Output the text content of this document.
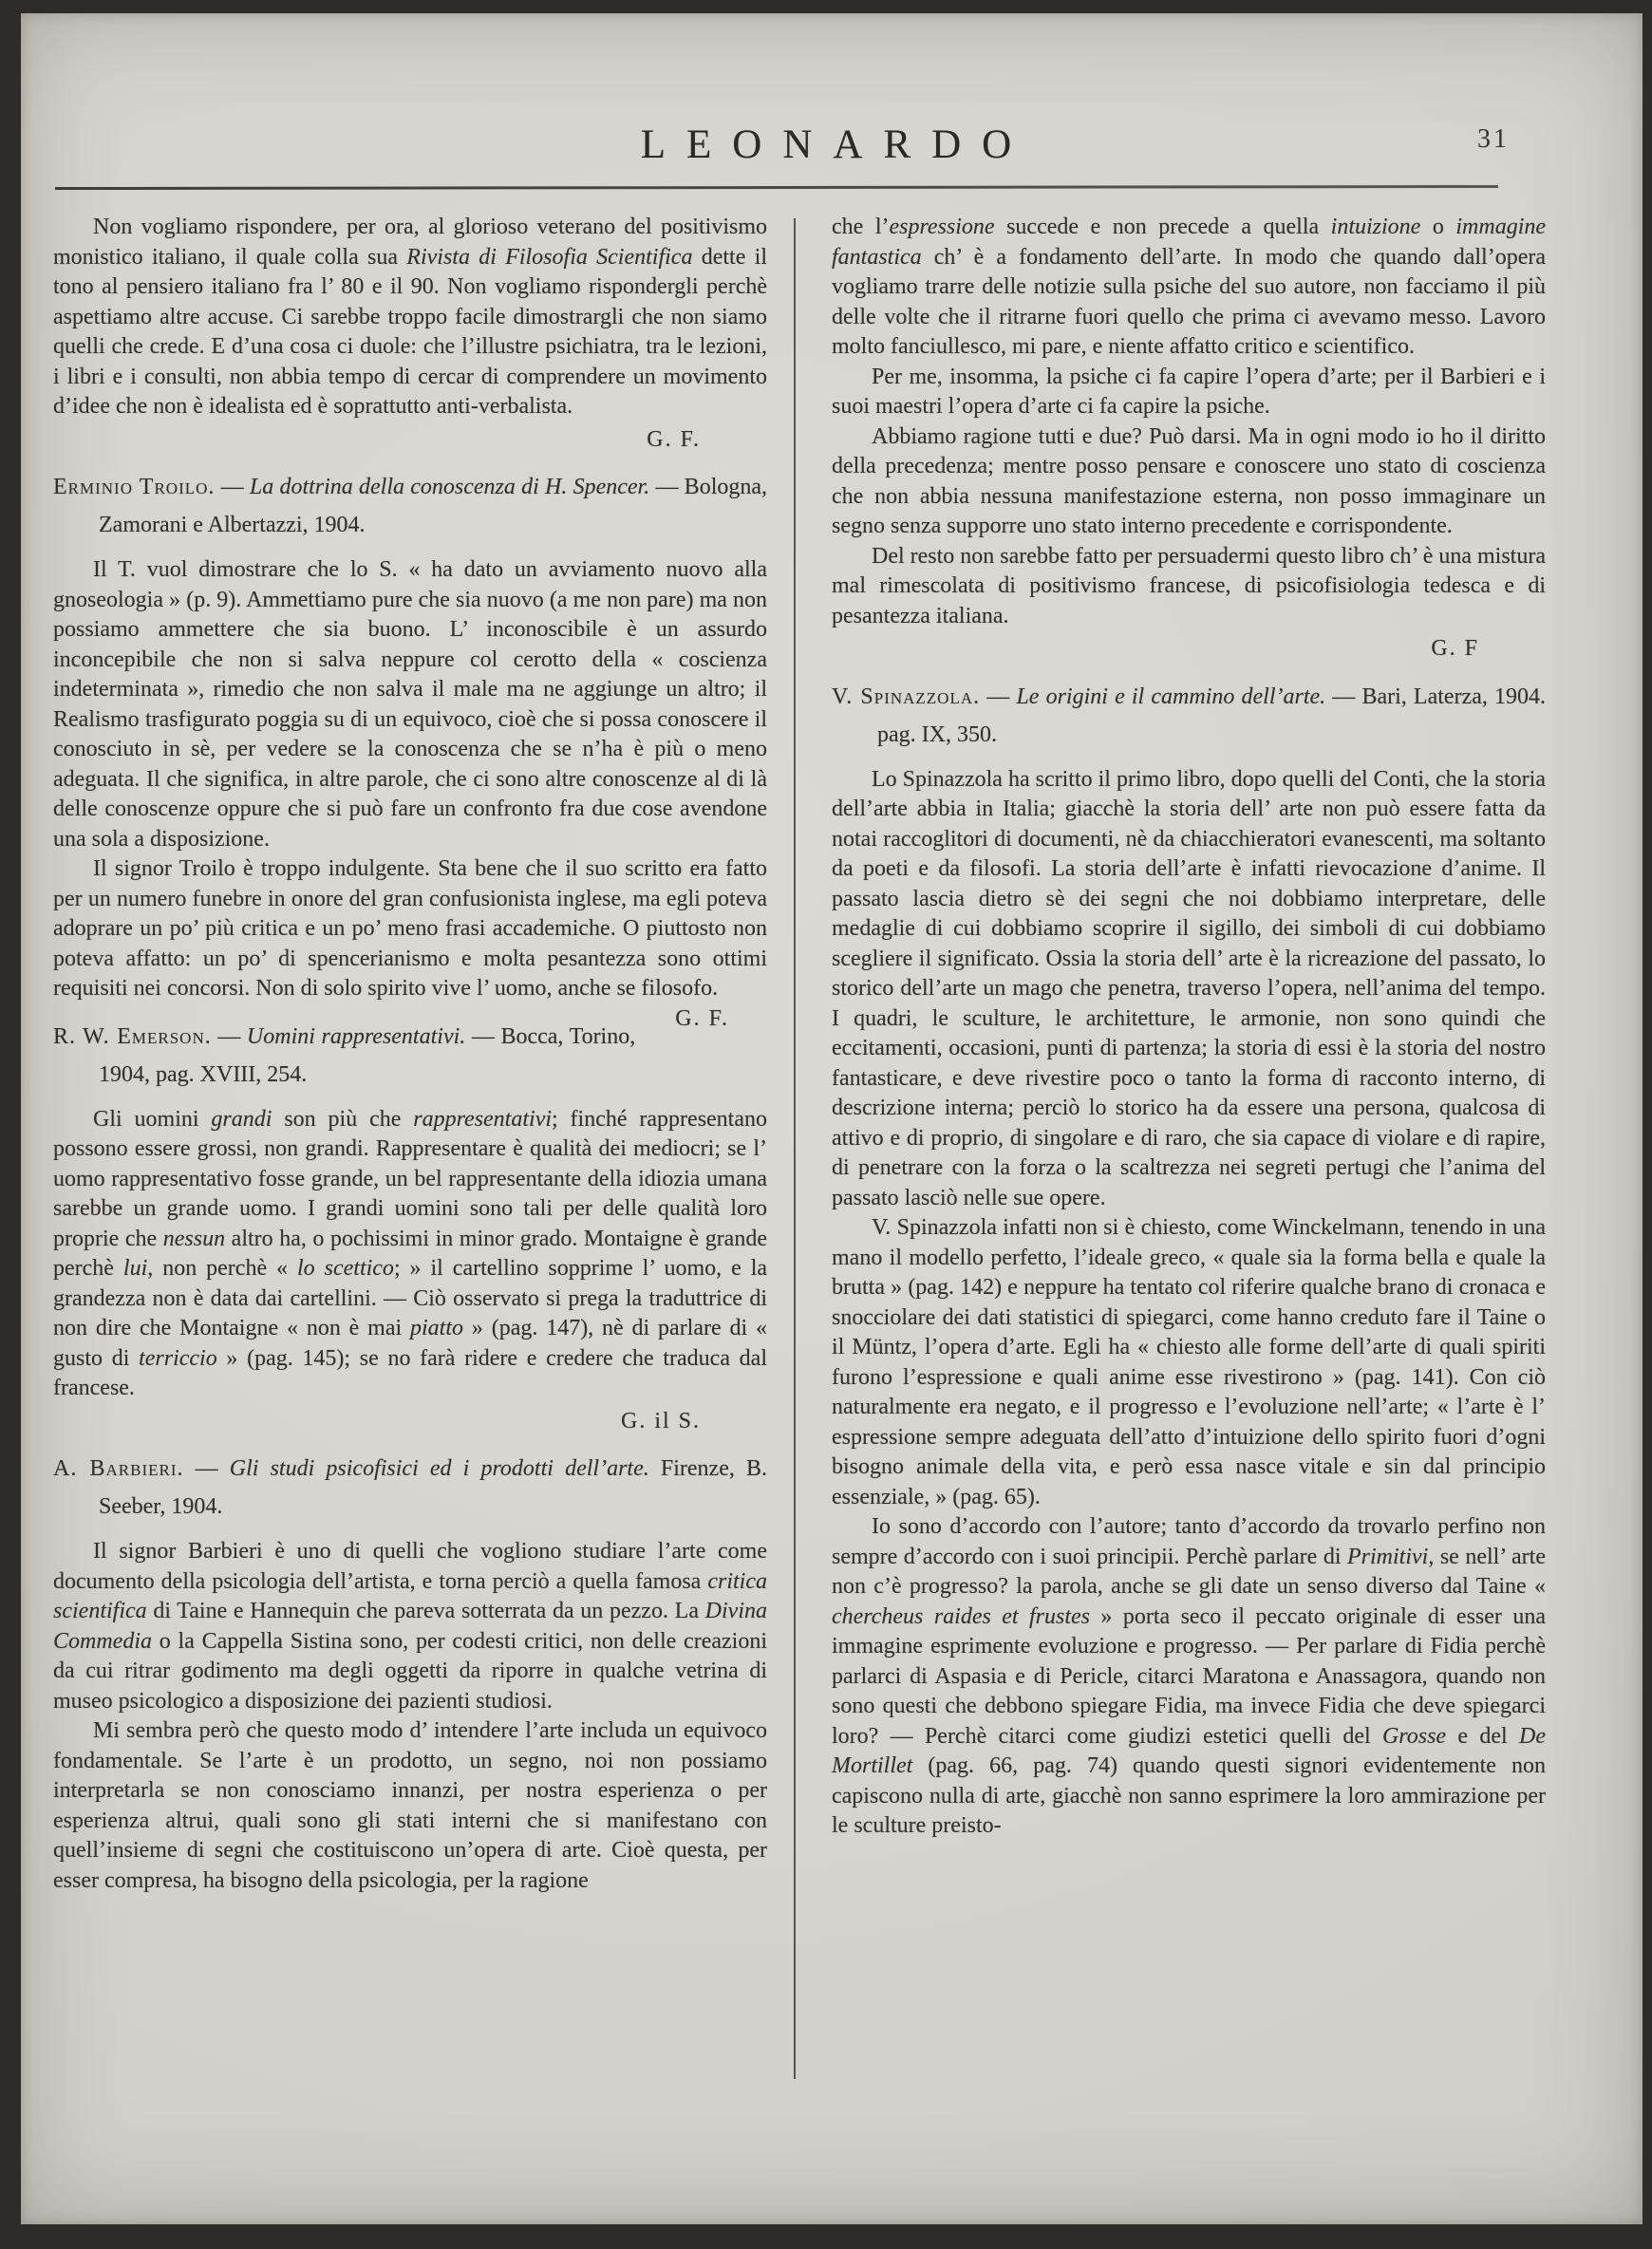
LEONARDO	31

Non vogliamo rispondere, per ora, al glorioso veterano del positivismo monistico italiano, il quale colla sua Rivista di Filosofia Scientifica dette il tono al pensiero italiano fra l’ 80 e il 90. Non vogliamo rispondergli perchè aspettiamo altre accuse. Ci sarebbe troppo facile dimostrargli che non siamo quelli che crede. E d’una cosa ci duole: che l’illustre psichiatra, tra le lezioni, i libri e i consulti, non abbia tempo di cercar di comprendere un movimento d’idee che non è idealista ed è soprattutto anti-verbalista.

G. F.

Erminio Troilo. — La dottrina della conoscenza di H. Spencer. — Bologna, Zamorani e Albertazzi, 1904.

Il T. vuol dimostrare che lo S. « ha dato un avviamento nuovo alla gnoseologia » (p. 9). Ammettiamo pure che sia nuovo (a me non pare) ma non possiamo ammettere che sia buono. L’ inconoscibile è un assurdo inconcepibile che non si salva neppure col cerotto della « coscienza indeterminata », rimedio che non salva il male ma ne aggiunge un altro; il Realismo trasfigurato poggia su di un equivoco, cioè che si possa conoscere il conosciuto in sè, per vedere se la conoscenza che se n’ha è più o meno adeguata. Il che significa, in altre parole, che ci sono altre conoscenze al di là delle conoscenze oppure che si può fare un confronto fra due cose avendone una sola a disposizione.

Il signor Troilo è troppo indulgente. Sta bene che il suo scritto era fatto per un numero funebre in onore del gran confusionista inglese, ma egli poteva adoprare un po’ più critica e un po’ meno frasi accademiche. O piuttosto non poteva affatto: un po’ di spencerianismo e molta pesantezza sono ottimi requisiti nei concorsi. Non di solo spirito vive l’ uomo, anche se filosofo.
G. F.

R. W. Emerson. — Uomini rappresentativi. — Bocca, Torino, 1904, pag. XVIII, 254.

Gli uomini grandi son più che rappresentativi; finché rappresentano possono essere grossi, non grandi. Rappresentare è qualità dei mediocri; se l’ uomo rappresentativo fosse grande, un bel rappresentante della idiozia umana sarebbe un grande uomo. I grandi uomini sono tali per delle qualità loro proprie che nessun altro ha, o pochissimi in minor grado. Montaigne è grande perchè lui, non perchè « lo scettico; » il cartellino sopprime l’ uomo, e la grandezza non è data dai cartellini. — Ciò osservato si prega la traduttrice di non dire che Montaigne « non è mai piatto » (pag. 147), nè di parlare di « gusto di terriccio » (pag. 145); se no farà ridere e credere che traduca dal francese.

G. il S.

A. Barbieri. — Gli studi psicofisici ed i prodotti dell’arte. Firenze, B. Seeber, 1904.

Il signor Barbieri è uno di quelli che vogliono studiare l’arte come documento della psicologia dell’artista, e torna perciò a quella famosa critica scientifica di Taine e Hannequin che pareva sotterrata da un pezzo. La Divina Commedia o la Cappella Sistina sono, per codesti critici, non delle creazioni da cui ritrar godimento ma degli oggetti da riporre in qualche vetrina di museo psicologico a disposizione dei pazienti studiosi.

Mi sembra però che questo modo d’ intendere l’arte includa un equivoco fondamentale. Se l’arte è un prodotto, un segno, noi non possiamo interpretarla se non conosciamo innanzi, per nostra esperienza o per esperienza altrui, quali sono gli stati interni che si manifestano con quell’insieme di segni che costituiscono un’opera di arte. Cioè questa, per esser compresa, ha bisogno della psicologia, per la ragione

che l’espressione succede e non precede a quella intuizione o immagine fantastica ch’ è a fondamento dell’arte. In modo che quando dall’opera vogliamo trarre delle notizie sulla psiche del suo autore, non facciamo il più delle volte che il ritrarne fuori quello che prima ci avevamo messo. Lavoro molto fanciullesco, mi pare, e niente affatto critico e scientifico.

Per me, insomma, la psiche ci fa capire l’opera d’arte; per il Barbieri e i suoi maestri l’opera d’arte ci fa capire la psiche.

Abbiamo ragione tutti e due? Può darsi. Ma in ogni modo io ho il diritto della precedenza; mentre posso pensare e conoscere uno stato di coscienza che non abbia nessuna manifestazione esterna, non posso immaginare un segno senza supporre uno stato interno precedente e corrispondente.

Del resto non sarebbe fatto per persuadermi questo libro ch’ è una mistura mal rimescolata di positivismo francese, di psicofisiologia tedesca e di pesantezza italiana.

G. F

V. Spinazzola. — Le origini e il cammino dell’arte. — Bari, Laterza, 1904. pag. IX, 350.

Lo Spinazzola ha scritto il primo libro, dopo quelli del Conti, che la storia dell’arte abbia in Italia; giacchè la storia dell’ arte non può essere fatta da notai raccoglitori di documenti, nè da chiacchieratori evanescenti, ma soltanto da poeti e da filosofi. La storia dell’arte è infatti rievocazione d’anime. Il passato lascia dietro sè dei segni che noi dobbiamo interpretare, delle medaglie di cui dobbiamo scoprire il sigillo, dei simboli di cui dobbiamo scegliere il significato. Ossia la storia dell’ arte è la ricreazione del passato, lo storico dell’arte un mago che penetra, traverso l’opera, nell’anima del tempo. I quadri, le sculture, le architetture, le armonie, non sono quindi che eccitamenti, occasioni, punti di partenza; la storia di essi è la storia del nostro fantasticare, e deve rivestire poco o tanto la forma di racconto interno, di descrizione interna; perciò lo storico ha da essere una persona, qualcosa di attivo e di proprio, di singolare e di raro, che sia capace di violare e di rapire, di penetrare con la forza o la scaltrezza nei segreti pertugi che l’anima del passato lasciò nelle sue opere.

V. Spinazzola infatti non si è chiesto, come Winckelmann, tenendo in una mano il modello perfetto, l’ideale greco, « quale sia la forma bella e quale la brutta » (pag. 142) e neppure ha tentato col riferire qualche brano di cronaca e snocciolare dei dati statistici di spiegarci, come hanno creduto fare il Taine o il Müntz, l’opera d’arte. Egli ha « chiesto alle forme dell’arte di quali spiriti furono l’espressione e quali anime esse rivestirono » (pag. 141). Con ciò naturalmente era negato, e il progresso e l’evoluzione nell’arte; « l’arte è l’ espressione sempre adeguata dell’atto d’intuizione dello spirito fuori d’ogni bisogno animale della vita, e però essa nasce vitale e sin dal principio essenziale, » (pag. 65).

Io sono d’accordo con l’autore; tanto d’accordo da trovarlo perfino non sempre d’accordo con i suoi principii. Perchè parlare di Primitivi, se nell’ arte non c’è progresso? la parola, anche se gli date un senso diverso dal Taine « chercheus raides et frustes » porta seco il peccato originale di esser una immagine esprimente evoluzione e progresso. — Per parlare di Fidia perchè parlarci di Aspasia e di Pericle, citarci Maratona e Anassagora, quando non sono questi che debbono spiegare Fidia, ma invece Fidia che deve spiegarci loro? — Perchè citarci come giudizi estetici quelli del Grosse e del De Mortillet (pag. 66, pag. 74) quando questi signori evidentemente non capiscono nulla di arte, giacchè non sanno esprimere la loro ammirazione per le sculture preisto-
